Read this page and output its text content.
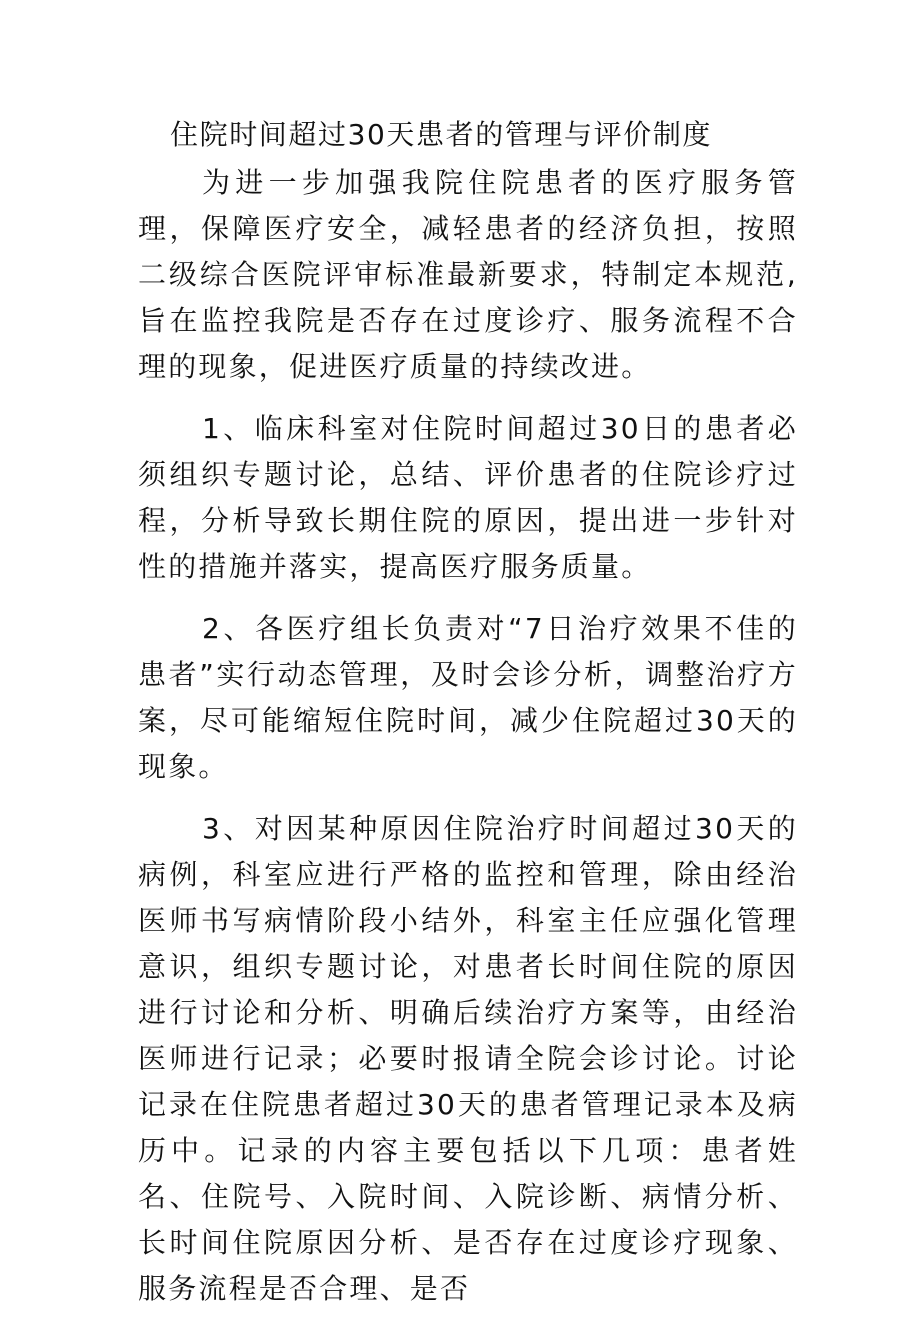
住院时间超过30天患者的管理与评价制度

为进一步加强我院住院患者的医疗服务管理，保障医疗安全，减轻患者的经济负担，按照二级综合医院评审标准最新要求，特制定本规范,旨在监控我院是否存在过度诊疗、服务流程不合理的现象，促进医疗质量的持续改进。

1、临床科室对住院时间超过30日的患者必须组织专题讨论，总结、评价患者的住院诊疗过程，分析导致长期住院的原因，提出进一步针对性的措施并落实，提高医疗服务质量。

2、各医疗组长负责对“7日治疗效果不佳的患者”实行动态管理，及时会诊分析，调整治疗方案，尽可能缩短住院时间，减少住院超过30天的现象。

3、对因某种原因住院治疗时间超过30天的病例，科室应进行严格的监控和管理，除由经治医师书写病情阶段小结外，科室主任应强化管理意识，组织专题讨论，对患者长时间住院的原因进行讨论和分析、明确后续治疗方案等，由经治医师进行记录；必要时报请全院会诊讨论。讨论记录在住院患者超过30天的患者管理记录本及病历中。记录的内容主要包括以下几项：患者姓名、住院号、入院时间、入院诊断、病情分析、长时间住院原因分析、是否存在过度诊疗现象、服务流程是否合理、是否
